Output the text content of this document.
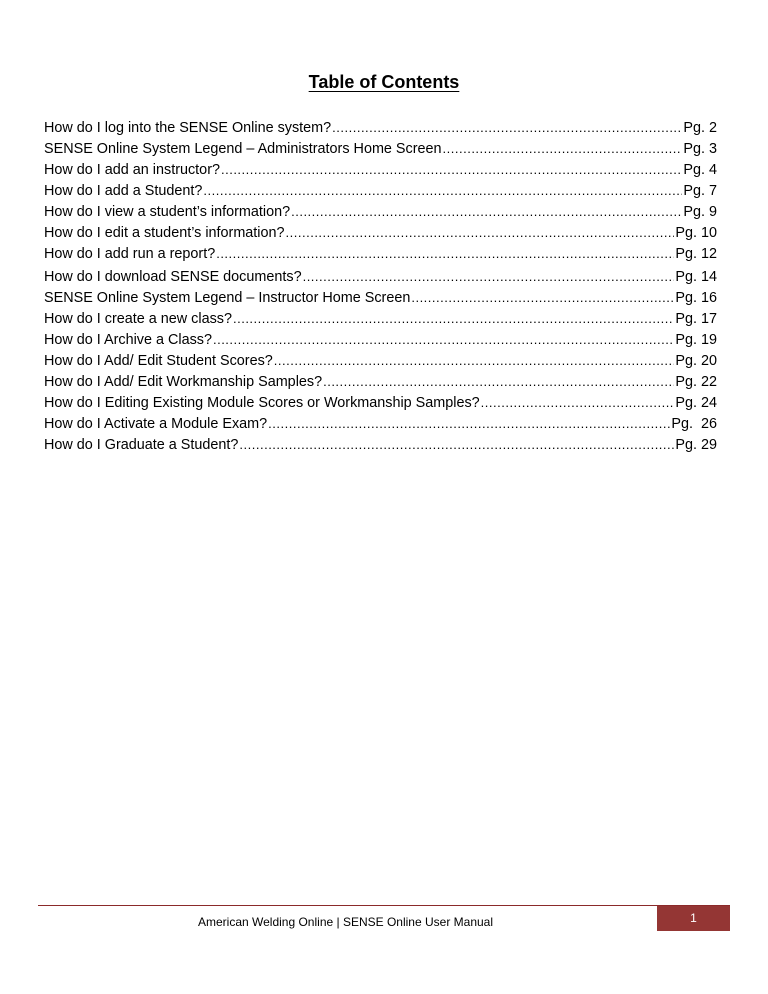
Table of Contents
How do I log into the SENSE Online system? .....	Pg. 2
SENSE Online System Legend – Administrators Home Screen .....	Pg. 3
How do I add an instructor? .....	Pg. 4
How do I add a Student? .....	Pg. 7
How do I view a student’s information? .....	Pg. 9
How do I edit a student’s information? .....	Pg. 10
How do I add run a report? .....	Pg. 12
How do I download SENSE documents? .....	Pg. 14
SENSE Online System Legend – Instructor Home Screen .....	Pg. 16
How do I create a new class? .....	Pg. 17
How do I Archive a Class? .....	Pg. 19
How do I Add/ Edit Student Scores? .....	Pg. 20
How do I Add/ Edit Workmanship Samples? .....	Pg. 22
How do I Editing Existing Module Scores or Workmanship Samples? .....	Pg. 24
How do I Activate a Module Exam? .....	Pg.  26
How do I Graduate a Student? .....	Pg. 29
American Welding Online | SENSE Online User Manual	1
